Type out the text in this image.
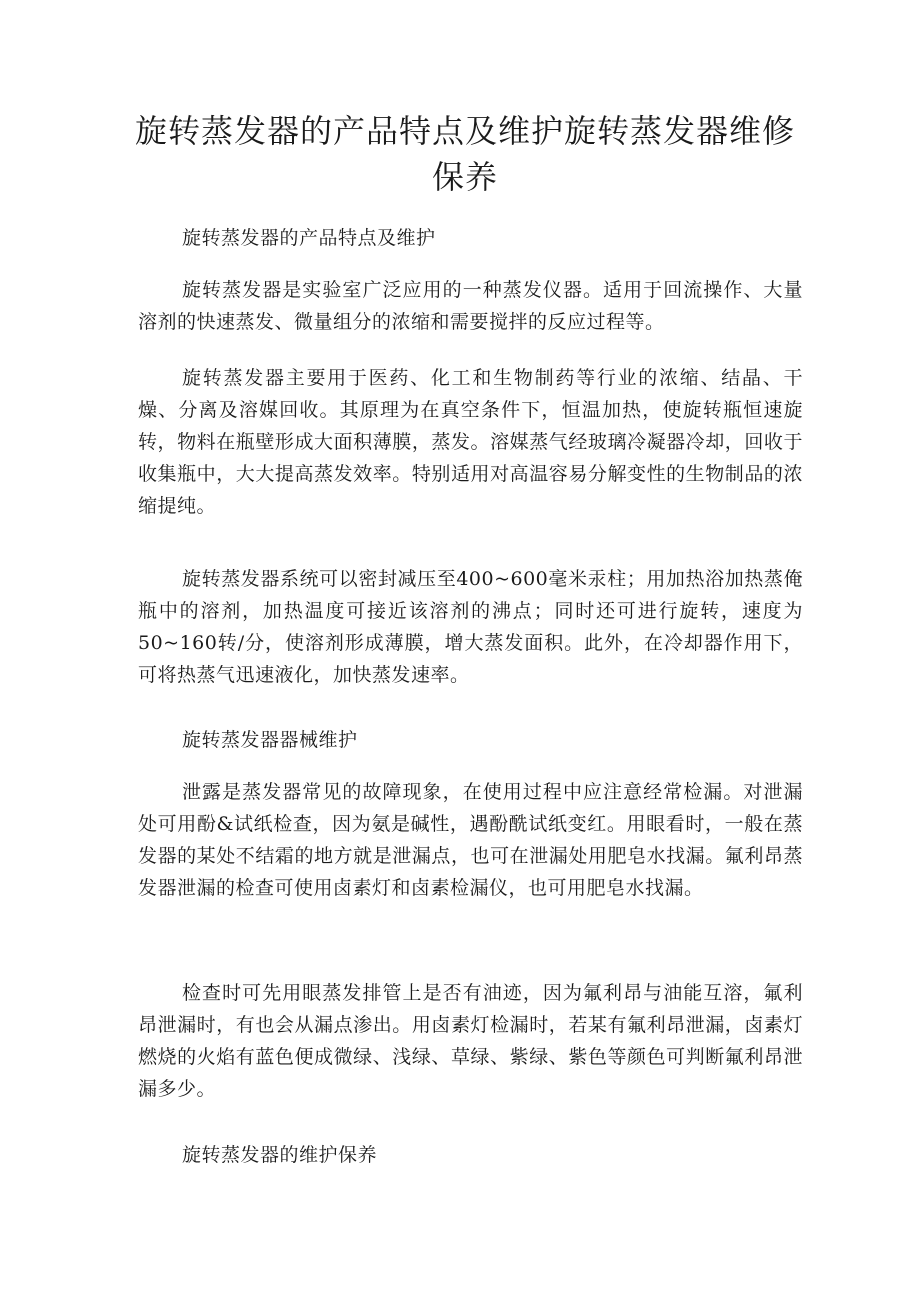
旋转蒸发器的产品特点及维护旋转蒸发器维修保养

旋转蒸发器的产品特点及维护

旋转蒸发器是实验室广泛应用的一种蒸发仪器。适用于回流操作、大量溶剂的快速蒸发、微量组分的浓缩和需要搅拌的反应过程等。

旋转蒸发器主要用于医药、化工和生物制药等行业的浓缩、结晶、干燥、分离及溶媒回收。其原理为在真空条件下，恒温加热，使旋转瓶恒速旋转，物料在瓶壁形成大面积薄膜，蒸发。溶媒蒸气经玻璃冷凝器冷却，回收于收集瓶中，大大提高蒸发效率。特别适用对高温容易分解变性的生物制品的浓缩提纯。

旋转蒸发器系统可以密封减压至400~600毫米汞柱；用加热浴加热蒸俺瓶中的溶剂，加热温度可接近该溶剂的沸点；同时还可进行旋转，速度为50~160转/分，使溶剂形成薄膜，增大蒸发面积。此外，在冷却器作用下，可将热蒸气迅速液化，加快蒸发速率。

旋转蒸发器器械维护

泄露是蒸发器常见的故障现象，在使用过程中应注意经常检漏。对泄漏处可用酚&试纸检查，因为氨是碱性，遇酚酰试纸变红。用眼看时，一般在蒸发器的某处不结霜的地方就是泄漏点，也可在泄漏处用肥皂水找漏。氟利昂蒸发器泄漏的检查可使用卤素灯和卤素检漏仪，也可用肥皂水找漏。

检查时可先用眼蒸发排管上是否有油迹，因为氟利昂与油能互溶，氟利昂泄漏时，有也会从漏点渗出。用卤素灯检漏时，若某有氟利昂泄漏，卤素灯燃烧的火焰有蓝色便成微绿、浅绿、草绿、紫绿、紫色等颜色可判断氟利昂泄漏多少。

旋转蒸发器的维护保养
